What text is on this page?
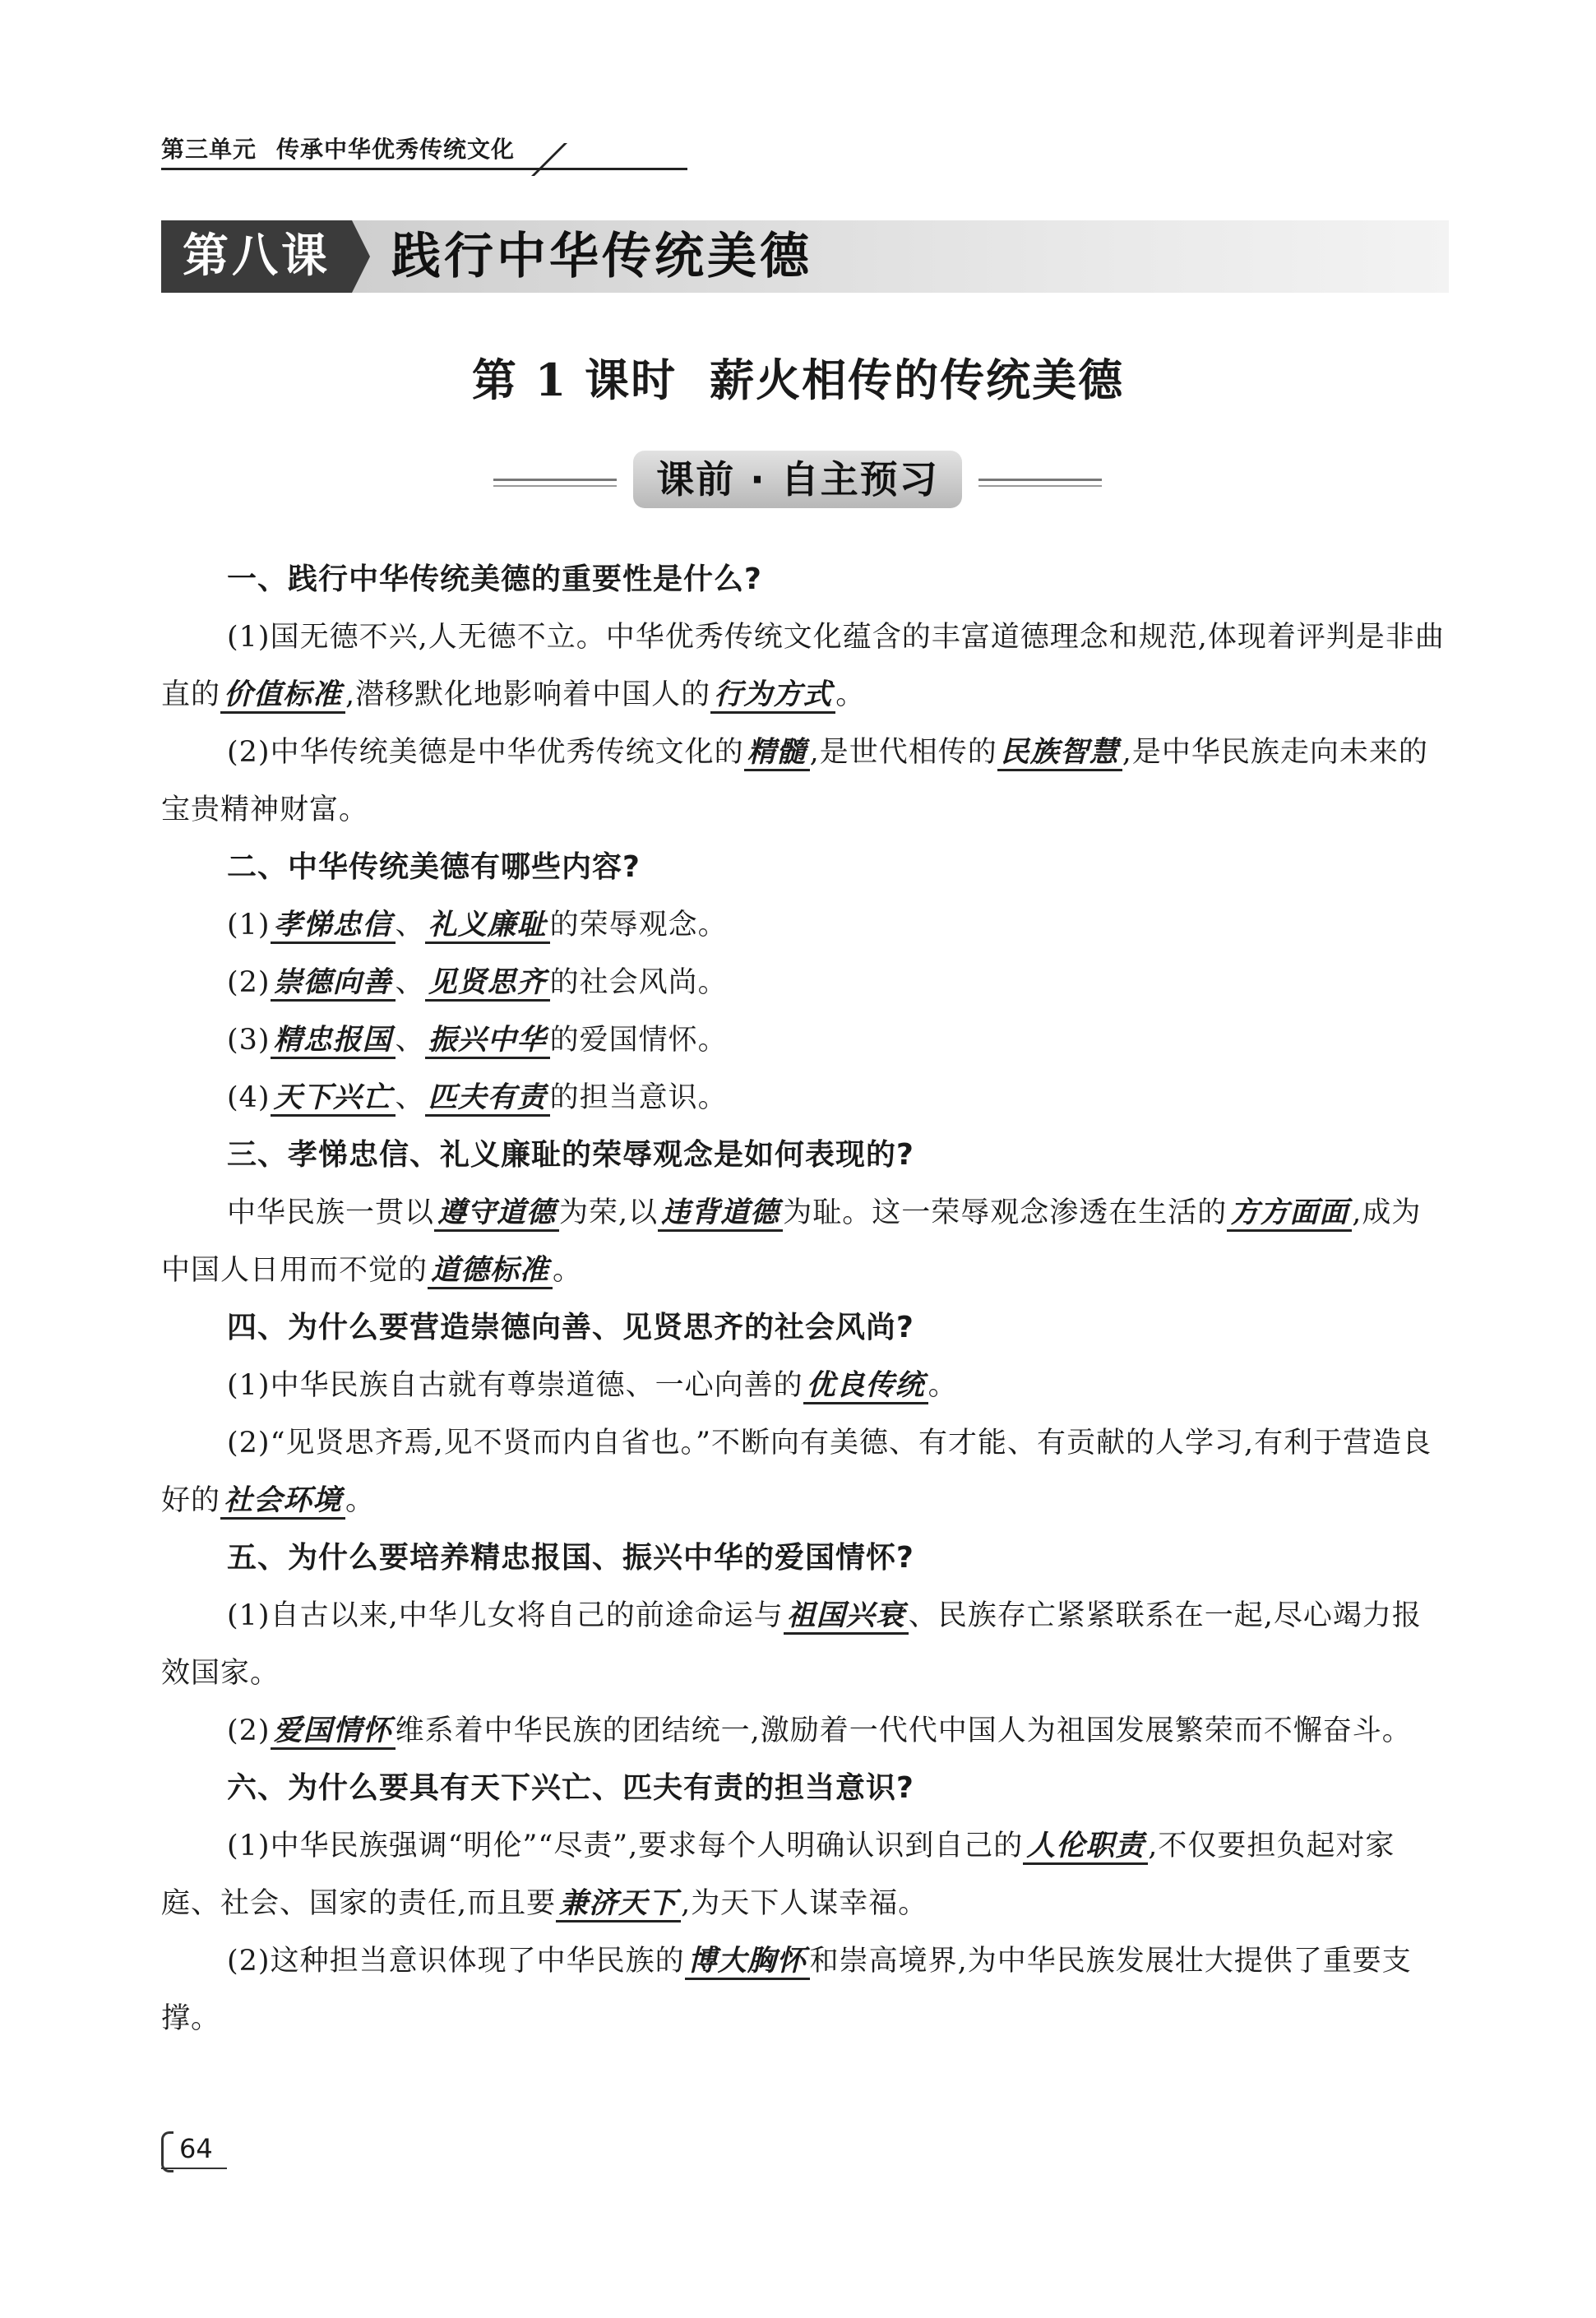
第三单元 传承中华优秀传统文化
第八课	践行中华传统美德
第 1 课时 薪火相传的传统美德
课前 · 自主预习

一、践行中华传统美德的重要性是什么?

(1)国无德不兴,人无德不立。中华优秀传统文化蕴含的丰富道德理念和规范,体现着评判是非曲直的 价值标准 ,潜移默化地影响着中国人的 行为方式 。

(2)中华传统美德是中华优秀传统文化的 精髓 ,是世代相传的 民族智慧 ,是中华民族走向未来的宝贵精神财富。

二、中华传统美德有哪些内容?

(1) 孝悌忠信 、 礼义廉耻 的荣辱观念。

(2) 崇德向善 、 见贤思齐 的社会风尚。

(3) 精忠报国 、 振兴中华 的爱国情怀。

(4) 天下兴亡 、 匹夫有责 的担当意识。

三、孝悌忠信、礼义廉耻的荣辱观念是如何表现的?

中华民族一贯以 遵守道德 为荣,以 违背道德 为耻。这一荣辱观念渗透在生活的 方方面面 ,成为中国人日用而不觉的 道德标准 。

四、为什么要营造崇德向善、见贤思齐的社会风尚?

(1)中华民族自古就有尊崇道德、一心向善的 优良传统 。

(2)“见贤思齐焉,见不贤而内自省也。”不断向有美德、有才能、有贡献的人学习,有利于营造良好的 社会环境 。

五、为什么要培养精忠报国、振兴中华的爱国情怀?

(1)自古以来,中华儿女将自己的前途命运与 祖国兴衰 、民族存亡紧紧联系在一起,尽心竭力报效国家。

(2) 爱国情怀 维系着中华民族的团结统一,激励着一代代中国人为祖国发展繁荣而不懈奋斗。

六、为什么要具有天下兴亡、匹夫有责的担当意识?

(1)中华民族强调“明伦”“尽责”,要求每个人明确认识到自己的 人伦职责 ,不仅要担负起对家庭、社会、国家的责任,而且要 兼济天下 ,为天下人谋幸福。

(2)这种担当意识体现了中华民族的 博大胸怀 和崇高境界,为中华民族发展壮大提供了重要支撑。

64
